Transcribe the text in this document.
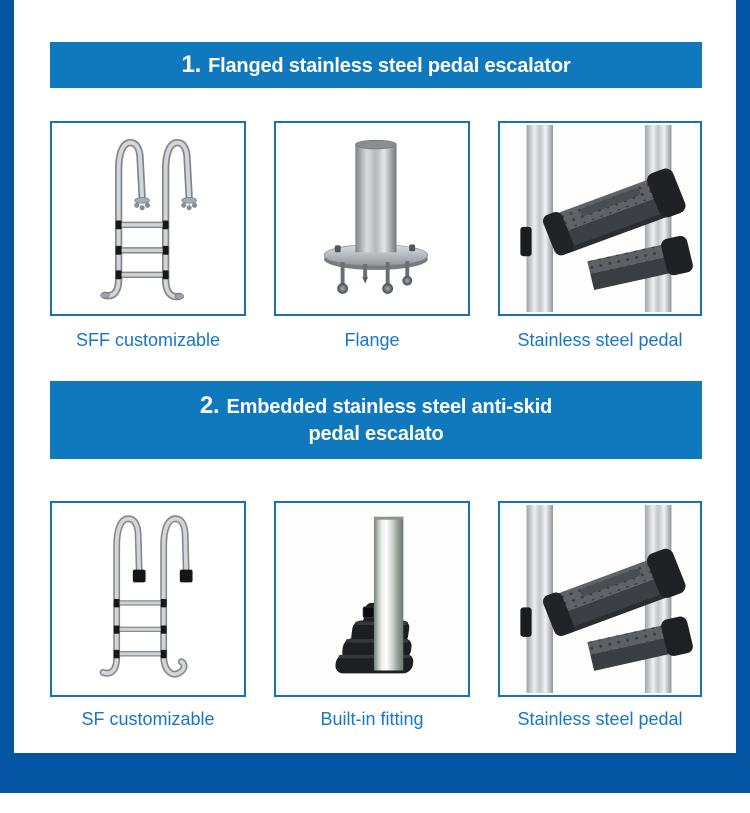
1. Flanged stainless steel pedal escalator
SFF customizable	Flange	Stainless steel pedal
2. Embedded stainless steel anti-skid
pedal escalato
SF customizable	Built-in fitting	Stainless steel pedal
